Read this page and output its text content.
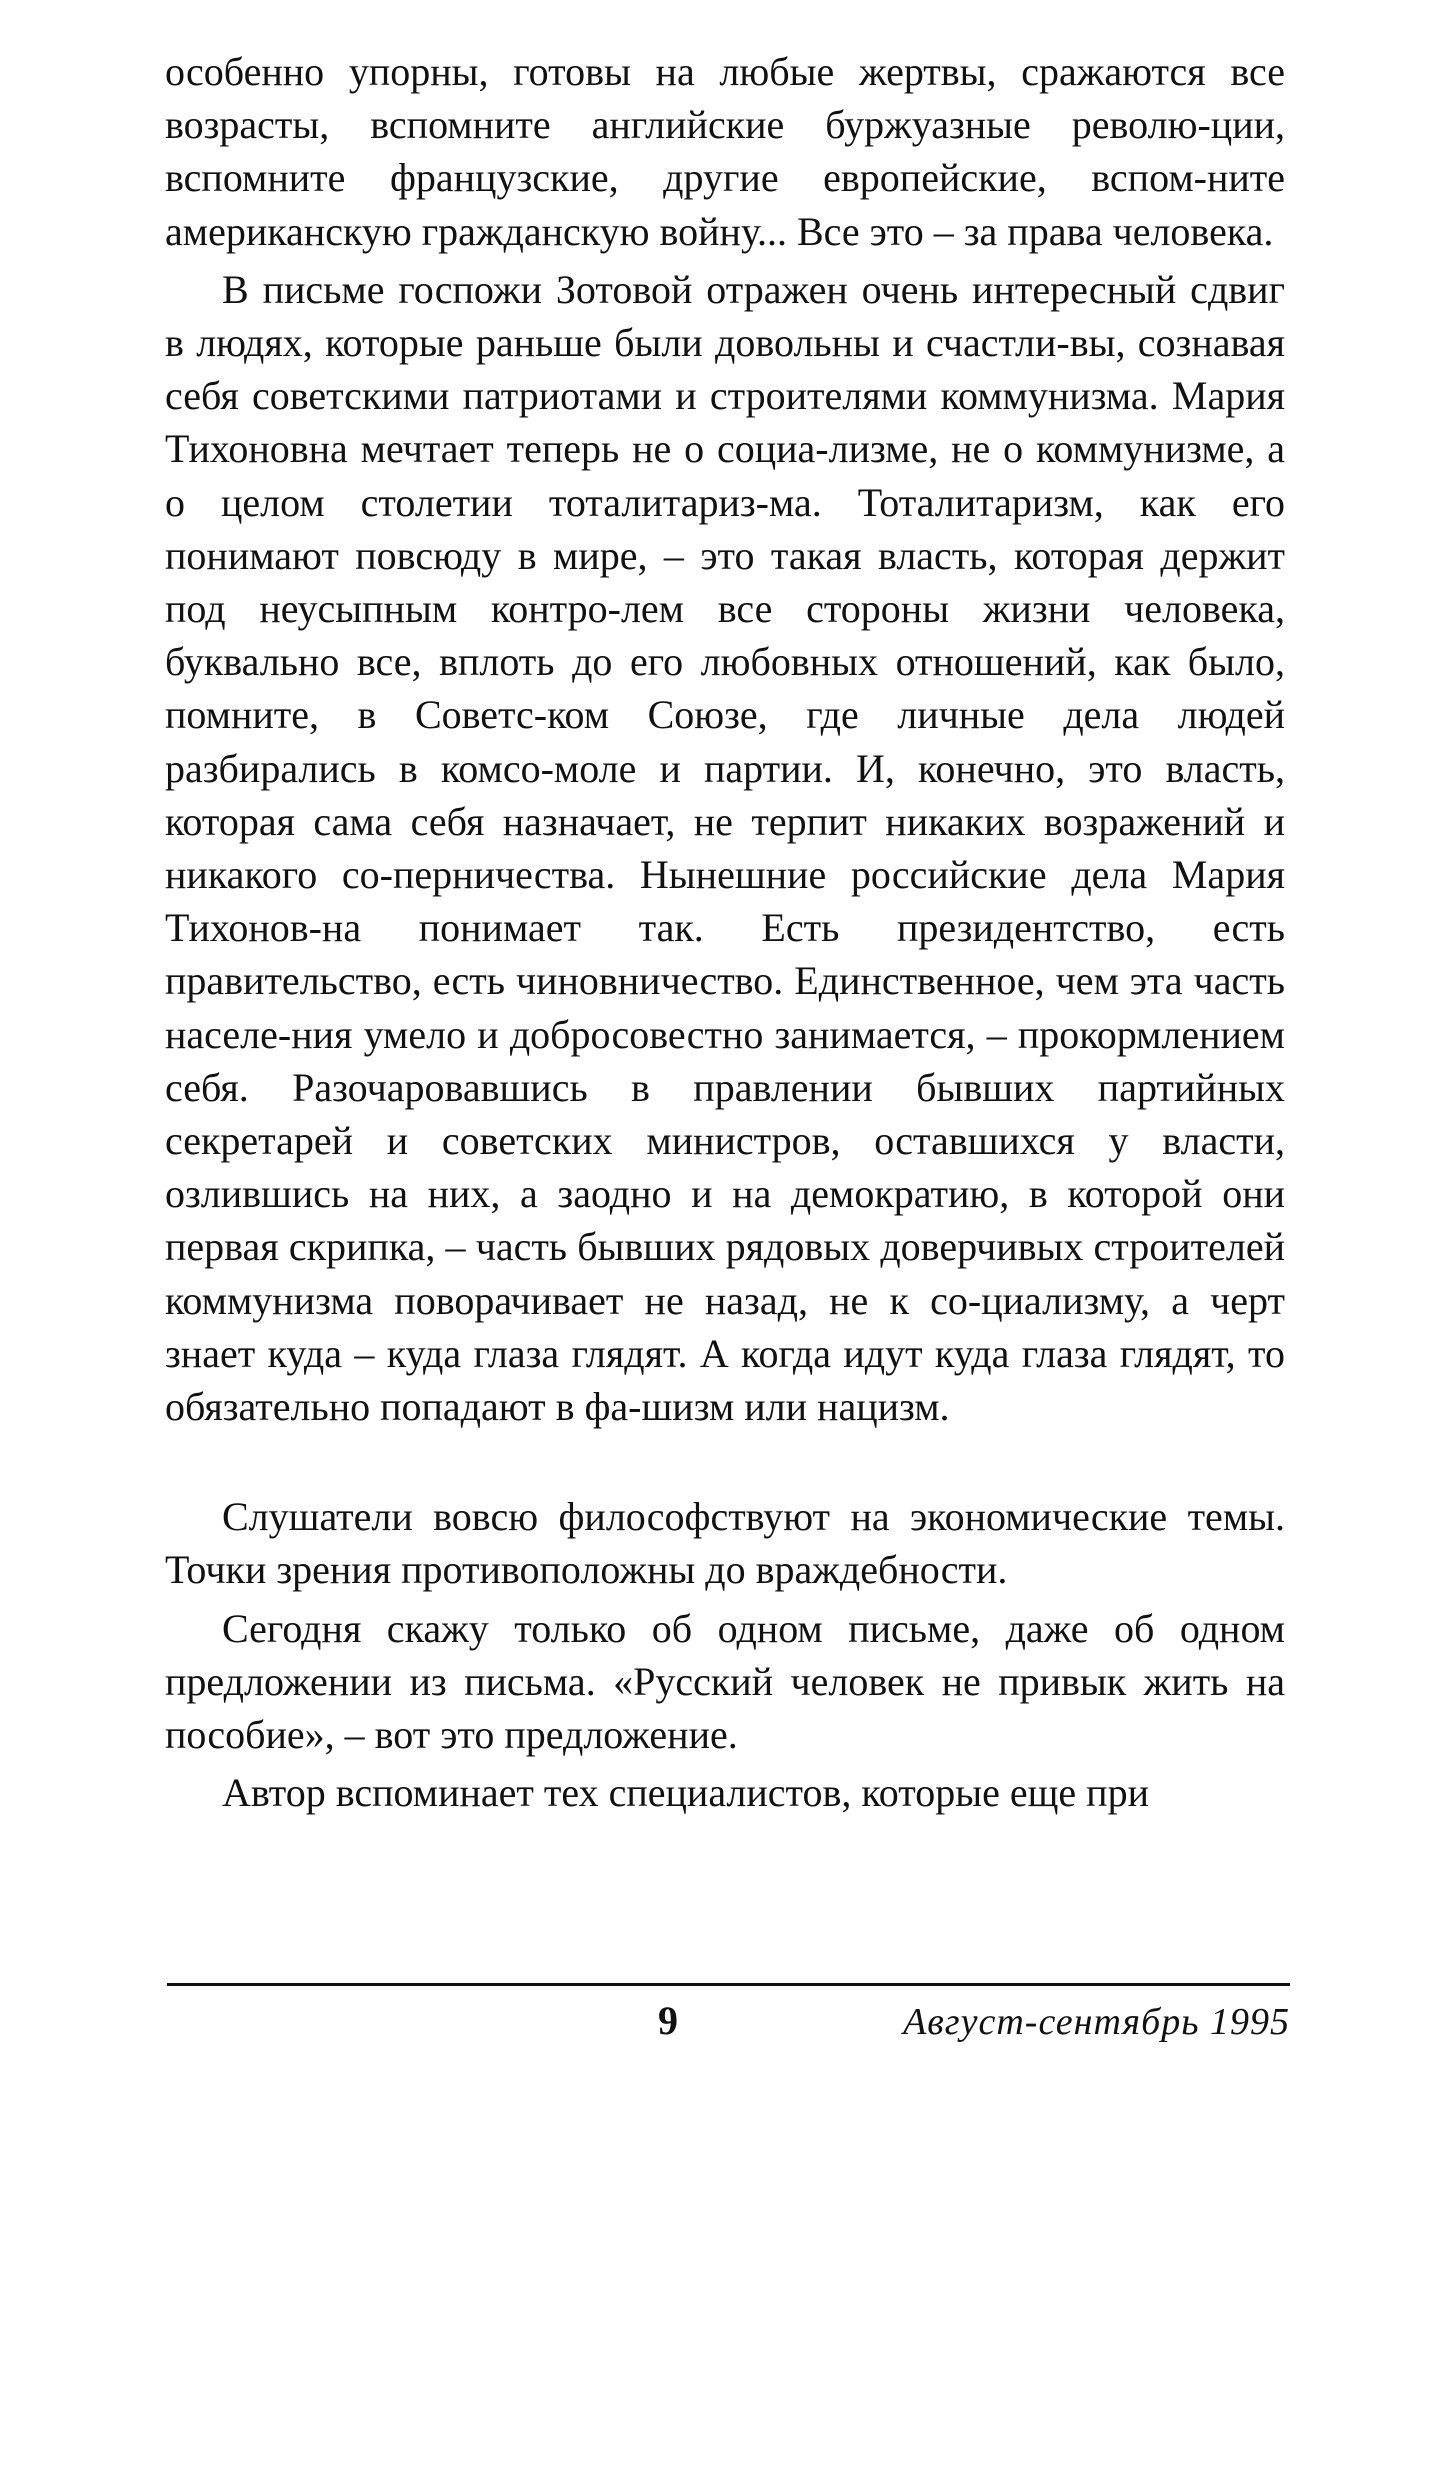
особенно упорны, готовы на любые жертвы, сражаются все возрасты, вспомните английские буржуазные револю-ции, вспомните французские, другие европейские, вспом-ните американскую гражданскую войну... Все это – за права человека.

В письме госпожи Зотовой отражен очень интересный сдвиг в людях, которые раньше были довольны и счастли-вы, сознавая себя советскими патриотами и строителями коммунизма. Мария Тихоновна мечтает теперь не о социа-лизме, не о коммунизме, а о целом столетии тоталитариз-ма. Тоталитаризм, как его понимают повсюду в мире, – это такая власть, которая держит под неусыпным контро-лем все стороны жизни человека, буквально все, вплоть до его любовных отношений, как было, помните, в Советс-ком Союзе, где личные дела людей разбирались в комсо-моле и партии. И, конечно, это власть, которая сама себя назначает, не терпит никаких возражений и никакого со-перничества. Нынешние российские дела Мария Тихонов-на понимает так. Есть президентство, есть правительство, есть чиновничество. Единственное, чем эта часть населе-ния умело и добросовестно занимается, – прокормлением себя. Разочаровавшись в правлении бывших партийных секретарей и советских министров, оставшихся у власти, озлившись на них, а заодно и на демократию, в которой они первая скрипка, – часть бывших рядовых доверчивых строителей коммунизма поворачивает не назад, не к со-циализму, а черт знает куда – куда глаза глядят. А когда идут куда глаза глядят, то обязательно попадают в фа-шизм или нацизм.

Слушатели вовсю философствуют на экономические темы. Точки зрения противоположны до враждебности.

Сегодня скажу только об одном письме, даже об одном предложении из письма. «Русский человек не привык жить на пособие», – вот это предложение.

Автор вспоминает тех специалистов, которые еще при

9	Август-сентябрь 1995
